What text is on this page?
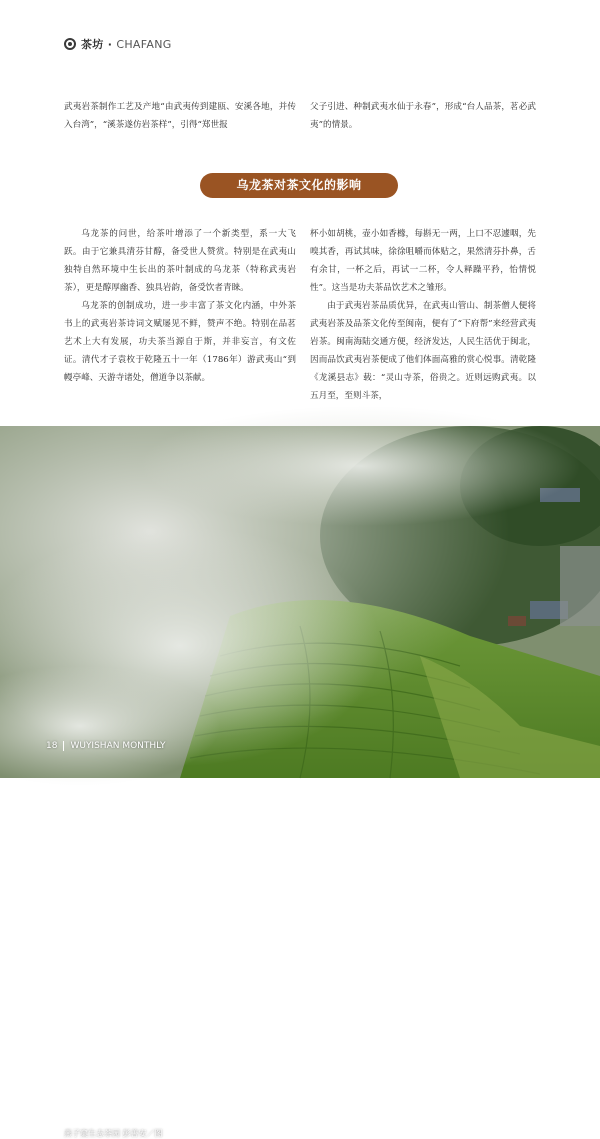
茶坊 · CHAFANG

武夷岩茶制作工艺及产地“由武夷传到建瓯、安溪各地，并传入台湾”，“溪茶遂仿岩茶样”，引得“郑世报

父子引进、种制武夷水仙于永春”，形成“台人品茶，茗必武夷”的情景。

乌龙茶对茶文化的影响

乌龙茶的问世，给茶叶增添了一个新类型，系一大飞跃。由于它兼具清芬甘醇，备受世人赞赏。特别是在武夷山独特自然环境中生长出的茶叶制成的乌龙茶（特称武夷岩茶），更是醇厚幽香、独具岩韵，备受饮者青睐。

乌龙茶的创制成功，进一步丰富了茶文化内涵，中外茶书上的武夷岩茶诗词文赋屡见不鲜，赞声不绝。特别在品茗艺术上大有发展，功夫茶当源自于斯，并非妄言，有文佐证。清代才子袁枚于乾隆五十一年（1786年）游武夷山“到幔亭峰、天游寺诸处，僧道争以茶献。

杯小如胡桃，壶小如香橼，每斟无一两，上口不忍遽咽，先嗅其香，再试其味，徐徐咀嚼而体贴之，果然清芬扑鼻，舌有余甘，一杯之后，再试一二杯，令人释躁平矜，怡情悦性”。这当是功夫茶品饮艺术之雏形。

由于武夷岩茶品质优异，在武夷山管山、制茶僧人便将武夷岩茶及品茶文化传至闽南，便有了“下府帮”来经营武夷岩茶。闽南海陆交通方便，经济发达，人民生活优于闽北，因而品饮武夷岩茶便成了他们体面高雅的赏心悦事。清乾隆《龙溪县志》载：“灵山寺茶，俗贵之。近则远购武夷。以五月至，至则斗茶，

燕子窠生态茶园 彭善安／图
18 WUYISHAN MONTHLY
